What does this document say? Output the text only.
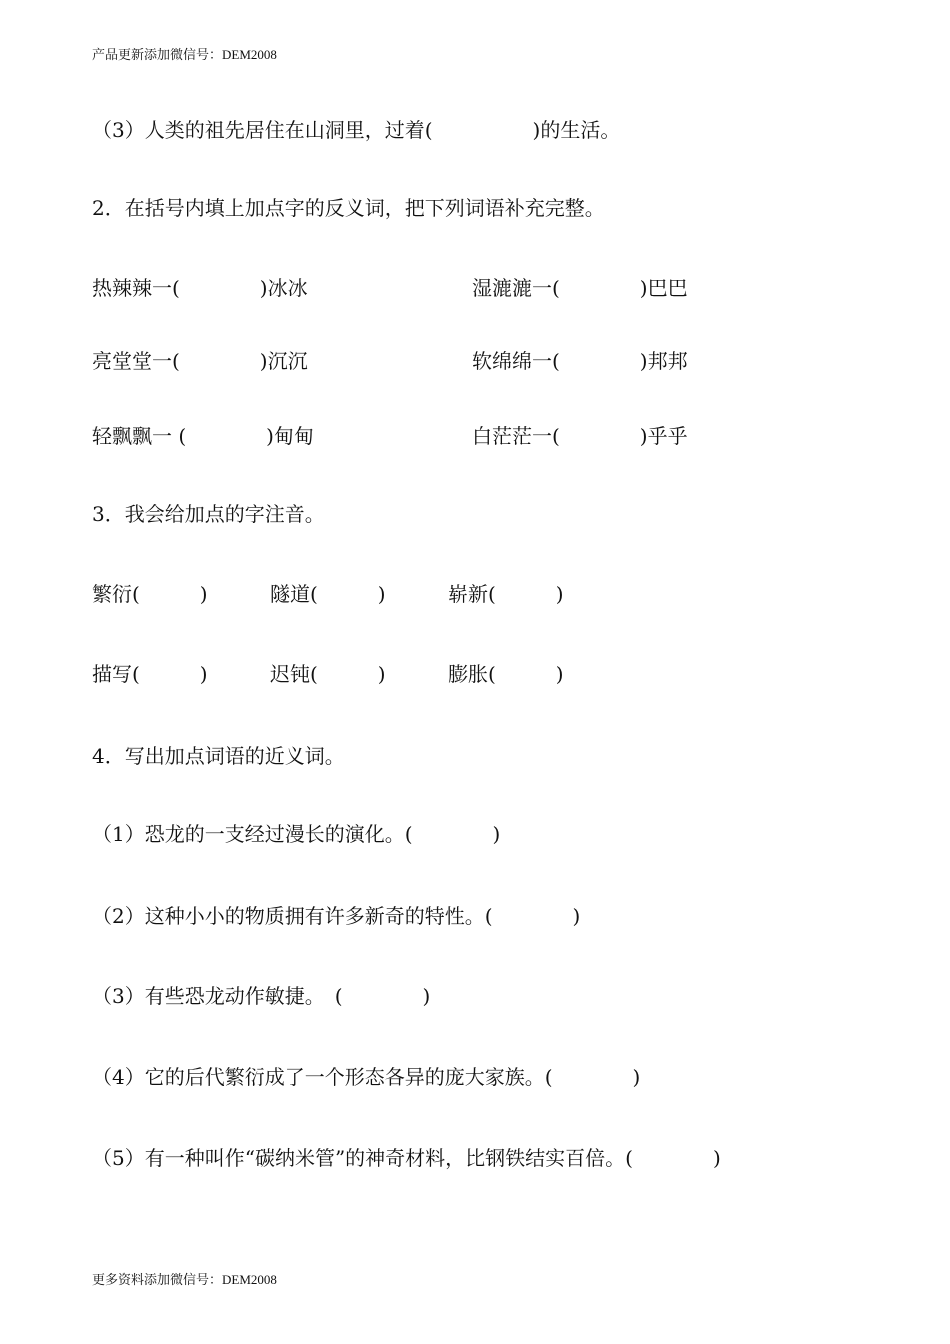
产品更新添加微信号：DEM2008
（3）人类的祖先居住在山洞里，过着(　　　　　)的生活。
2．在括号内填上加点字的反义词，把下列词语补充完整。
热辣辣一(　　　　)冰冰	湿漉漉一(　　　　)巴巴
亮堂堂一(　　　　)沉沉	软绵绵一(　　　　)邦邦
轻飘飘一 (　　　　)甸甸	白茫茫一(　　　　)乎乎
3．我会给加点的字注音。
繁衍(　　　)	隧道(　　　)	崭新(　　　)
描写(　　　)	迟钝(　　　)	膨胀(　　　)
4．写出加点词语的近义词。
（1）恐龙的一支经过漫长的演化。(　　　　)
（2）这种小小的物质拥有许多新奇的特性。(　　　　)
（3）有些恐龙动作敏捷。　(　　　　)
（4）它的后代繁衍成了一个形态各异的庞大家族。(　　　　)
（5）有一种叫作“碳纳米管”的神奇材料，比钢铁结实百倍。(　　　　)
更多资料添加微信号：DEM2008
